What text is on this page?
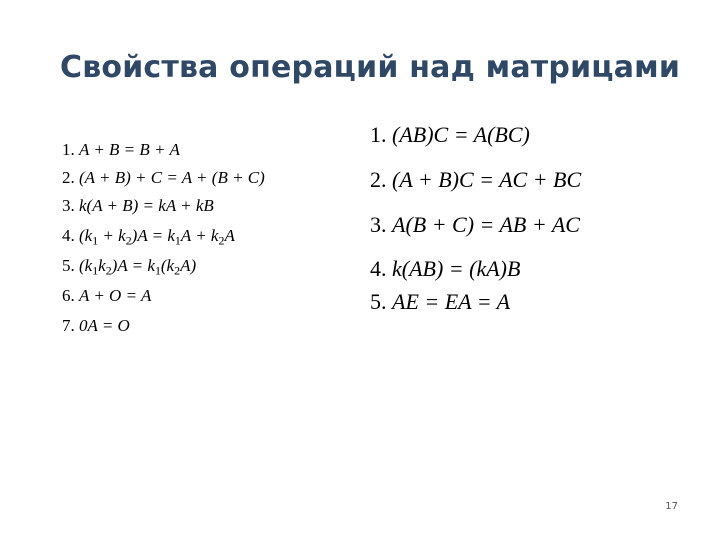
Свойства операций над матрицами
1. A + B = B + A
2. (A + B) + C = A + (B + C)
3. k(A + B) = kA + kB
4. $(k_1 + k_2)A = k_1A + k_2A$
5. $(k_1k_2)A = k_1(k_2A)$
6. A + O = A
7. 0A = O
1. (AB)C = A(BC)
2. (A + B)C = AC + BC
3. A(B + C) = AB + AC
4. k(AB) = (kA)B
5. AE = EA = A
17
